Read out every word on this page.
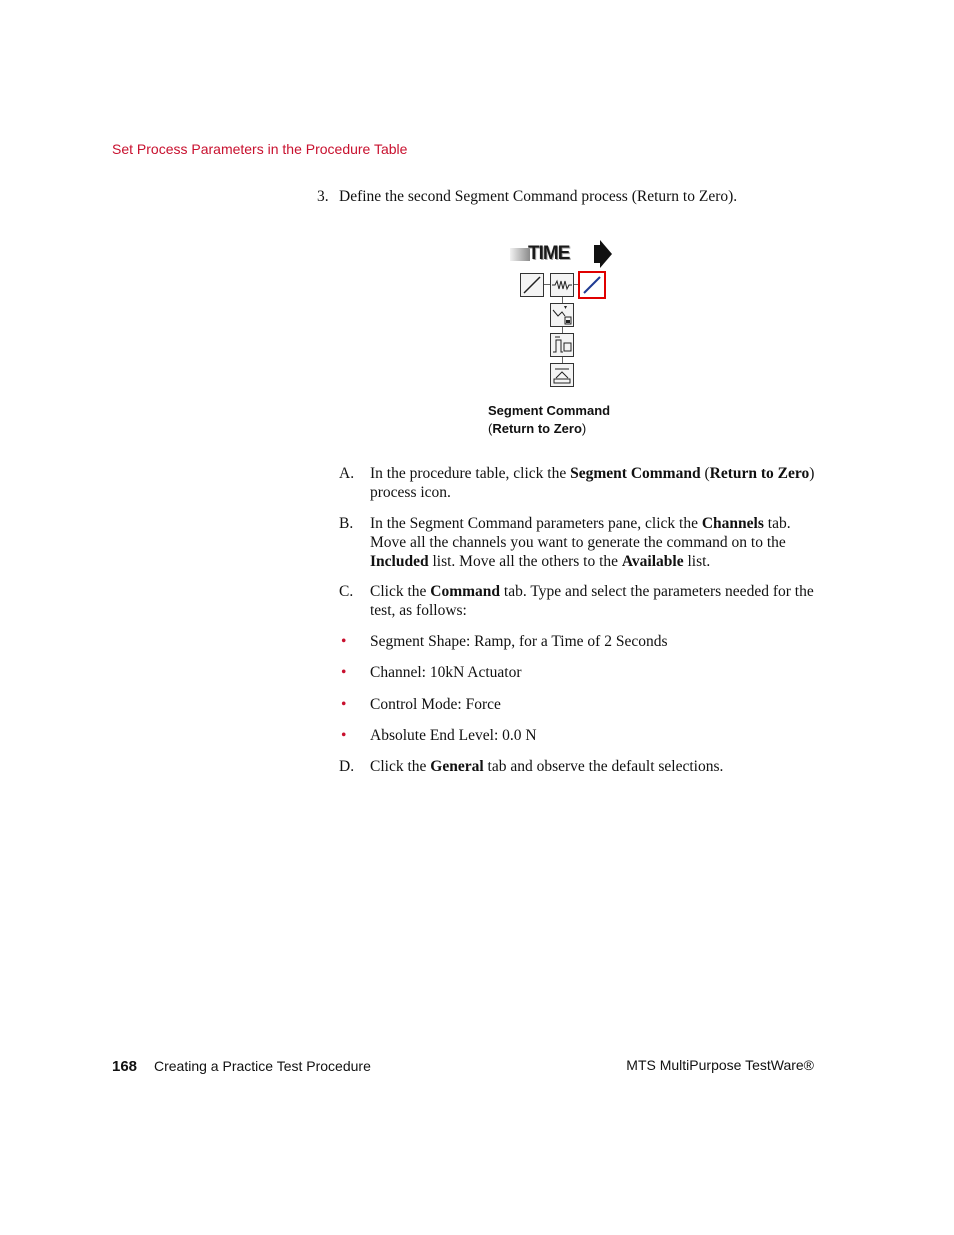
Set Process Parameters in the Procedure Table
3. Define the second Segment Command process (Return to Zero).
TIME
Segment Command
(Return to Zero)
A.	In the procedure table, click the Segment Command (Return to Zero)
process icon.
B.	In the Segment Command parameters pane, click the Channels tab.
Move all the channels you want to generate the command on to the
Included list. Move all the others to the Available list.
C.	Click the Command tab. Type and select the parameters needed for the
test, as follows:
•	Segment Shape: Ramp, for a Time of 2 Seconds
•	Channel: 10kN Actuator
•	Control Mode: Force
•	Absolute End Level: 0.0 N
D.	Click the General tab and observe the default selections.
168 Creating a Practice Test Procedure	MTS MultiPurpose TestWare®
